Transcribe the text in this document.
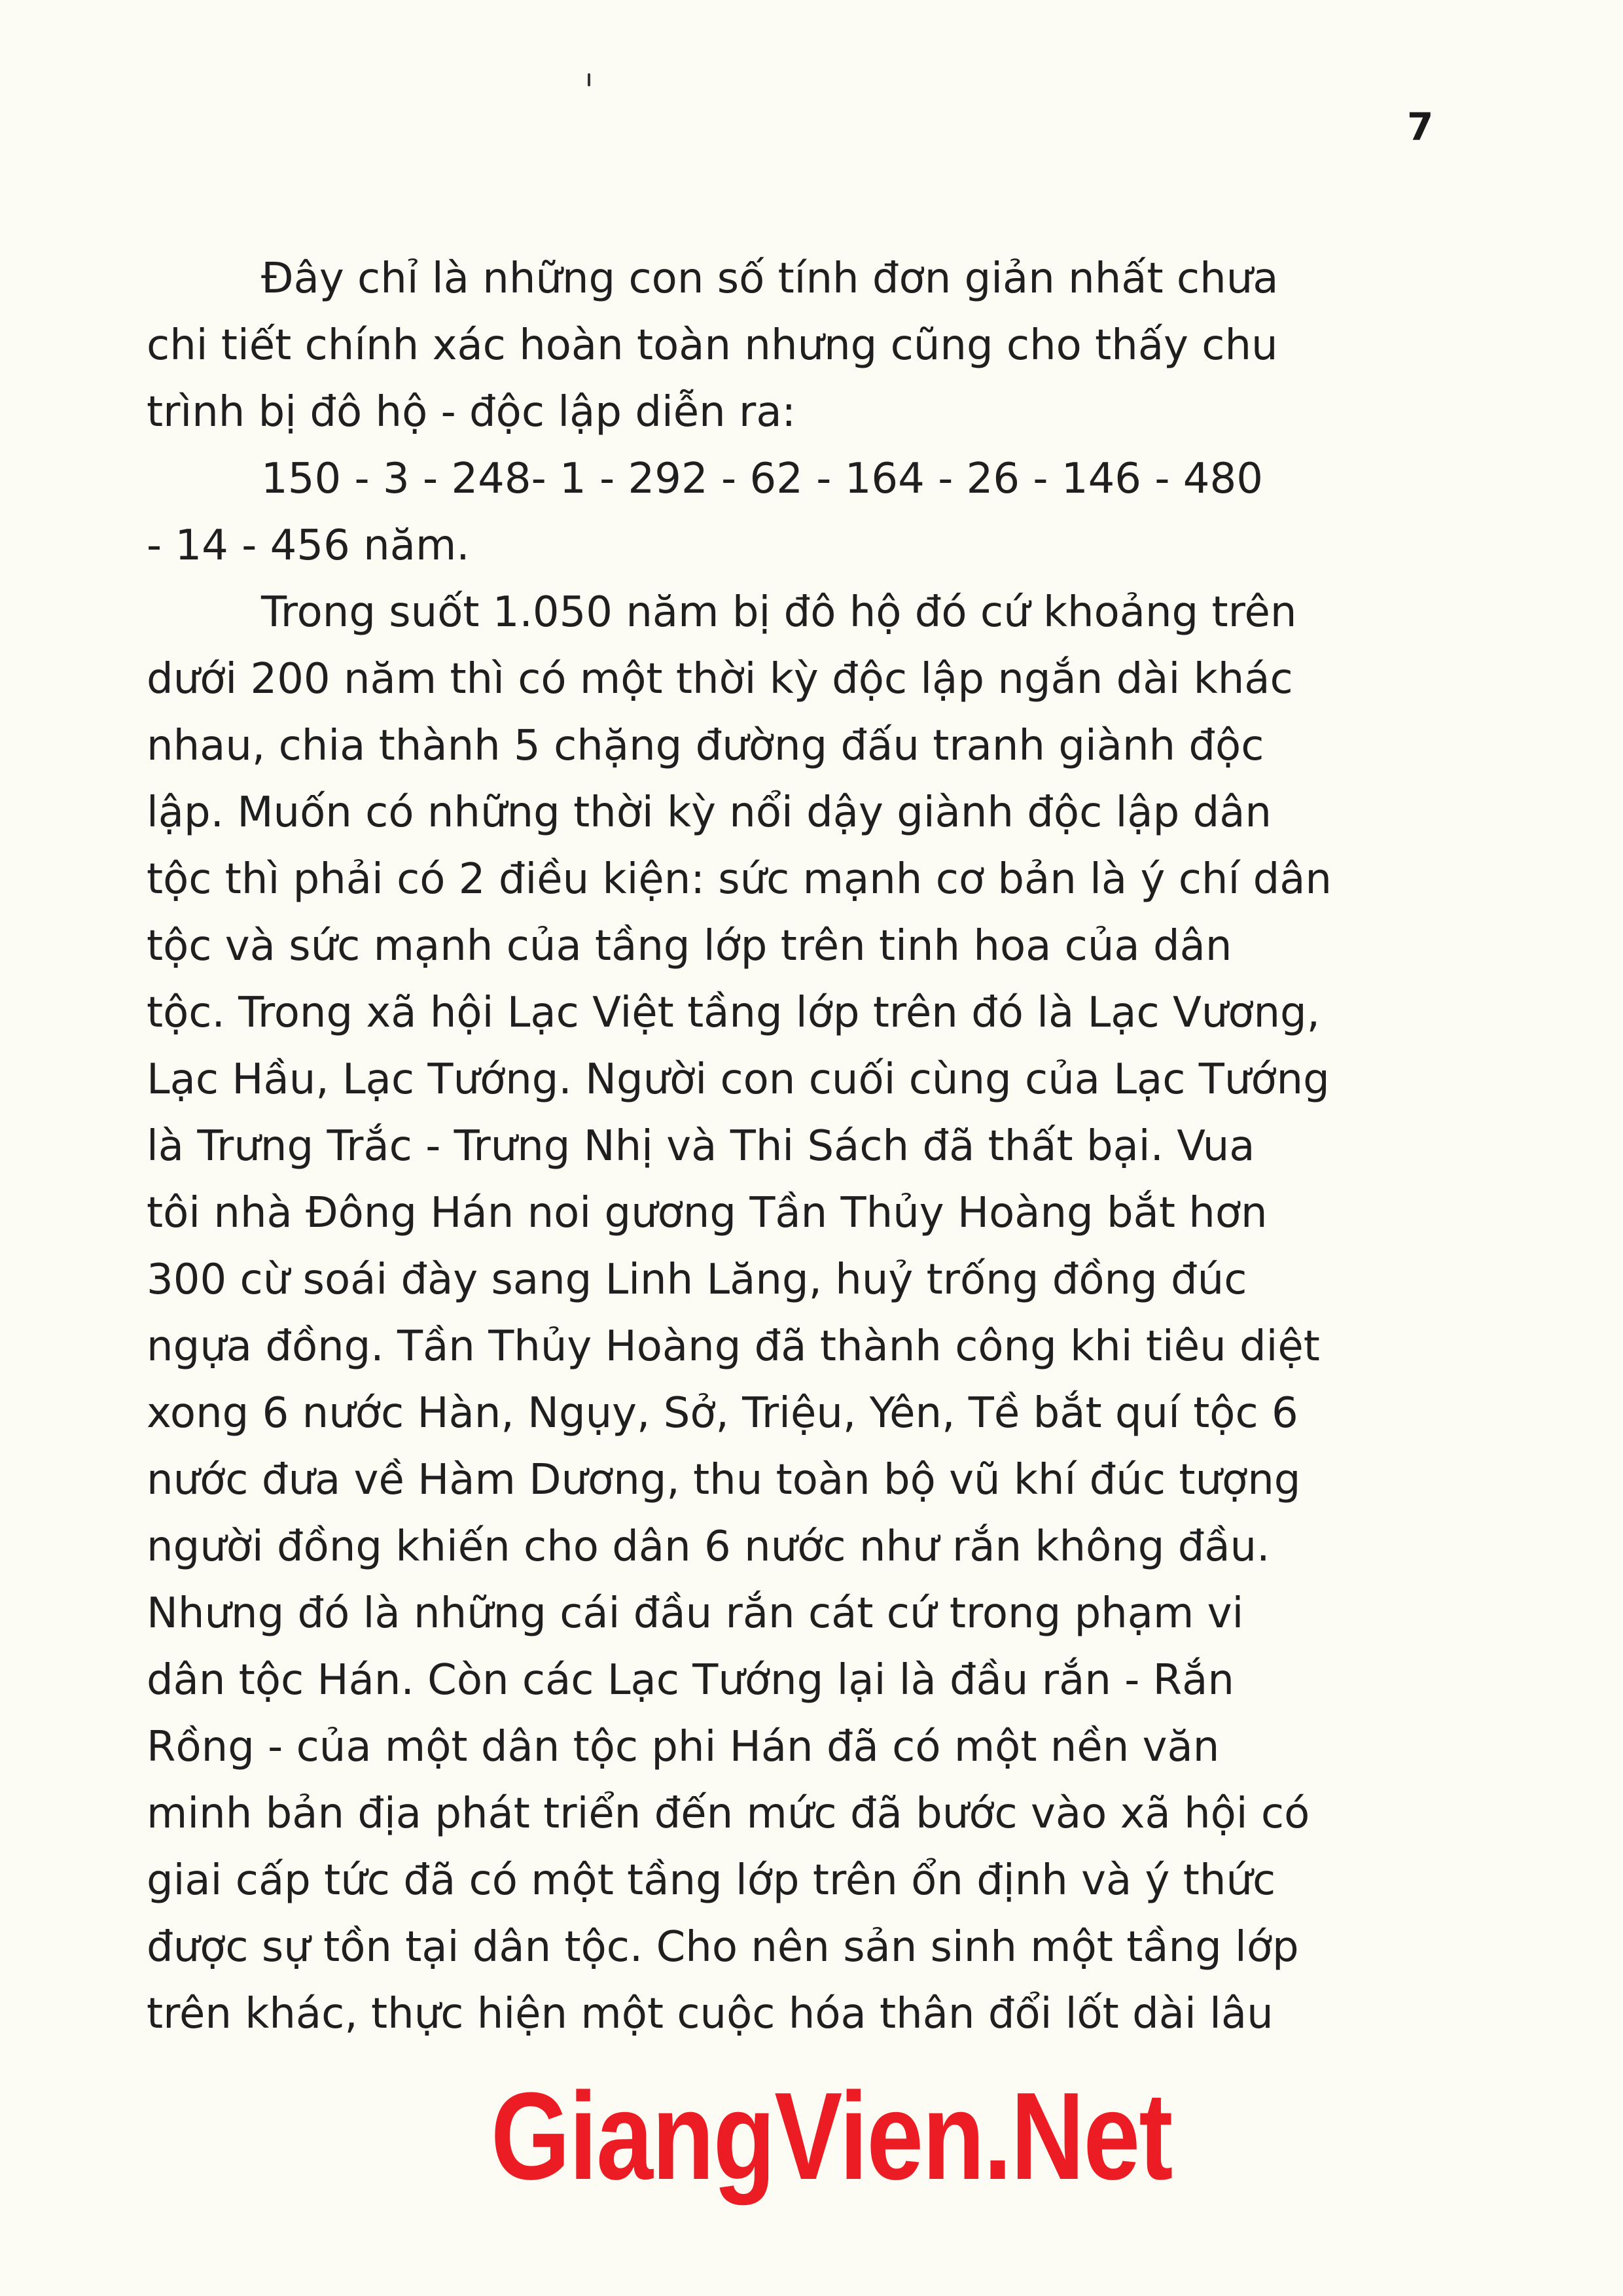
7
Đây chỉ là những con số tính đơn giản nhất chưa
chi tiết chính xác hoàn toàn nhưng cũng cho thấy chu
trình bị đô hộ - độc lập diễn ra:
150 - 3 - 248- 1 - 292 - 62 - 164 - 26 - 146 - 480
- 14 - 456 năm.
Trong suốt 1.050 năm bị đô hộ đó cứ khoảng trên
dưới 200 năm thì có một thời kỳ độc lập ngắn dài khác
nhau, chia thành 5 chặng đường đấu tranh giành độc
lập. Muốn có những thời kỳ nổi dậy giành độc lập dân
tộc thì phải có 2 điều kiện: sức mạnh cơ bản là ý chí dân
tộc và sức mạnh của tầng lớp trên tinh hoa của dân
tộc. Trong xã hội Lạc Việt tầng lớp trên đó là Lạc Vương,
Lạc Hầu, Lạc Tướng. Người con cuối cùng của Lạc Tướng
là Trưng Trắc - Trưng Nhị và Thi Sách đã thất bại. Vua
tôi nhà Đông Hán noi gương Tần Thủy Hoàng bắt hơn
300 cừ soái đày sang Linh Lăng, huỷ trống đồng đúc
ngựa đồng. Tần Thủy Hoàng đã thành công khi tiêu diệt
xong 6 nước Hàn, Ngụy, Sở, Triệu, Yên, Tề bắt quí tộc 6
nước đưa về Hàm Dương, thu toàn bộ vũ khí đúc tượng
người đồng khiến cho dân 6 nước như rắn không đầu.
Nhưng đó là những cái đầu rắn cát cứ trong phạm vi
dân tộc Hán. Còn các Lạc Tướng lại là đầu rắn - Rắn
Rồng - của một dân tộc phi Hán đã có một nền văn
minh bản địa phát triển đến mức đã bước vào xã hội có
giai cấp tức đã có một tầng lớp trên ổn định và ý thức
được sự tồn tại dân tộc. Cho nên sản sinh một tầng lớp
trên khác, thực hiện một cuộc hóa thân đổi lốt dài lâu
GiangVien.Net
